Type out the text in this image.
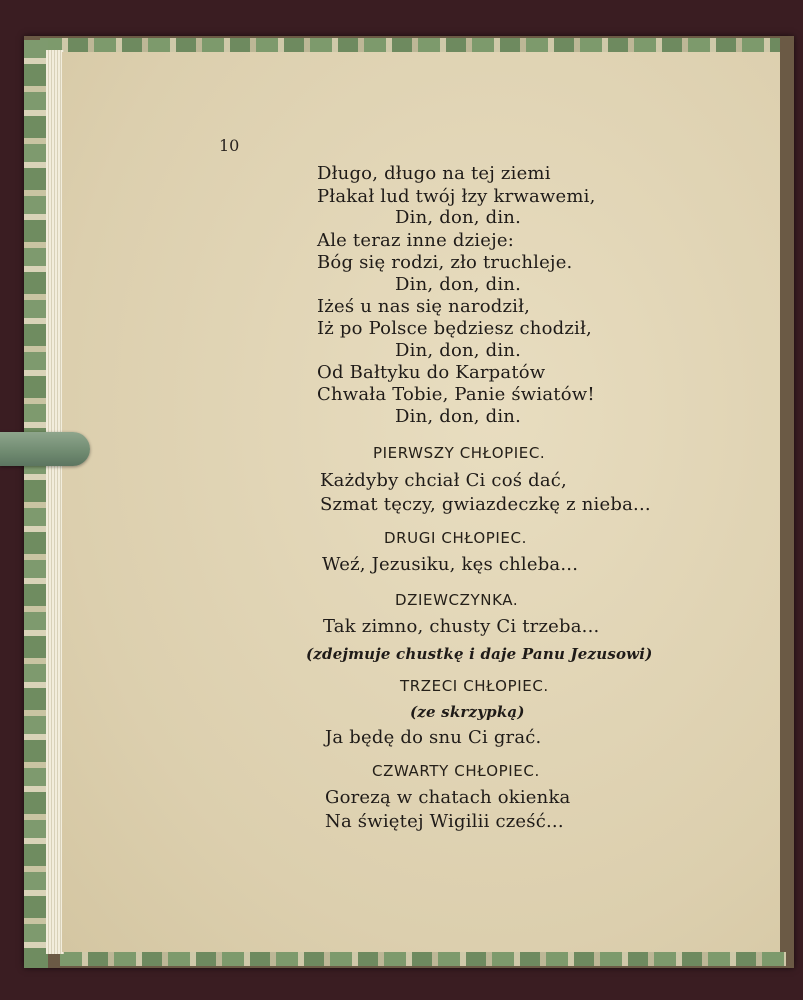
10
Długo, długo na tej ziemi
Płakał lud twój łzy krwawemi,
Din, don, din.
Ale teraz inne dzieje:
Bóg się rodzi, zło truchleje.
Din, don, din.
Iżeś u nas się narodził,
Iż po Polsce będziesz chodził,
Din, don, din.
Od Bałtyku do Karpatów
Chwała Tobie, Panie światów!
Din, don, din.
PIERWSZY CHŁOPIEC.
Każdyby chciał Ci coś dać,
Szmat tęczy, gwiazdeczkę z nieba...
DRUGI CHŁOPIEC.
Weź, Jezusiku, kęs chleba...
DZIEWCZYNKA.
Tak zimno, chusty Ci trzeba...
(zdejmuje chustkę i daje Panu Jezusowi)
TRZECI CHŁOPIEC.
(ze skrzypką)
Ja będę do snu Ci grać.
CZWARTY CHŁOPIEC.
Gorezą w chatach okienka
Na świętej Wigilii cześć...
